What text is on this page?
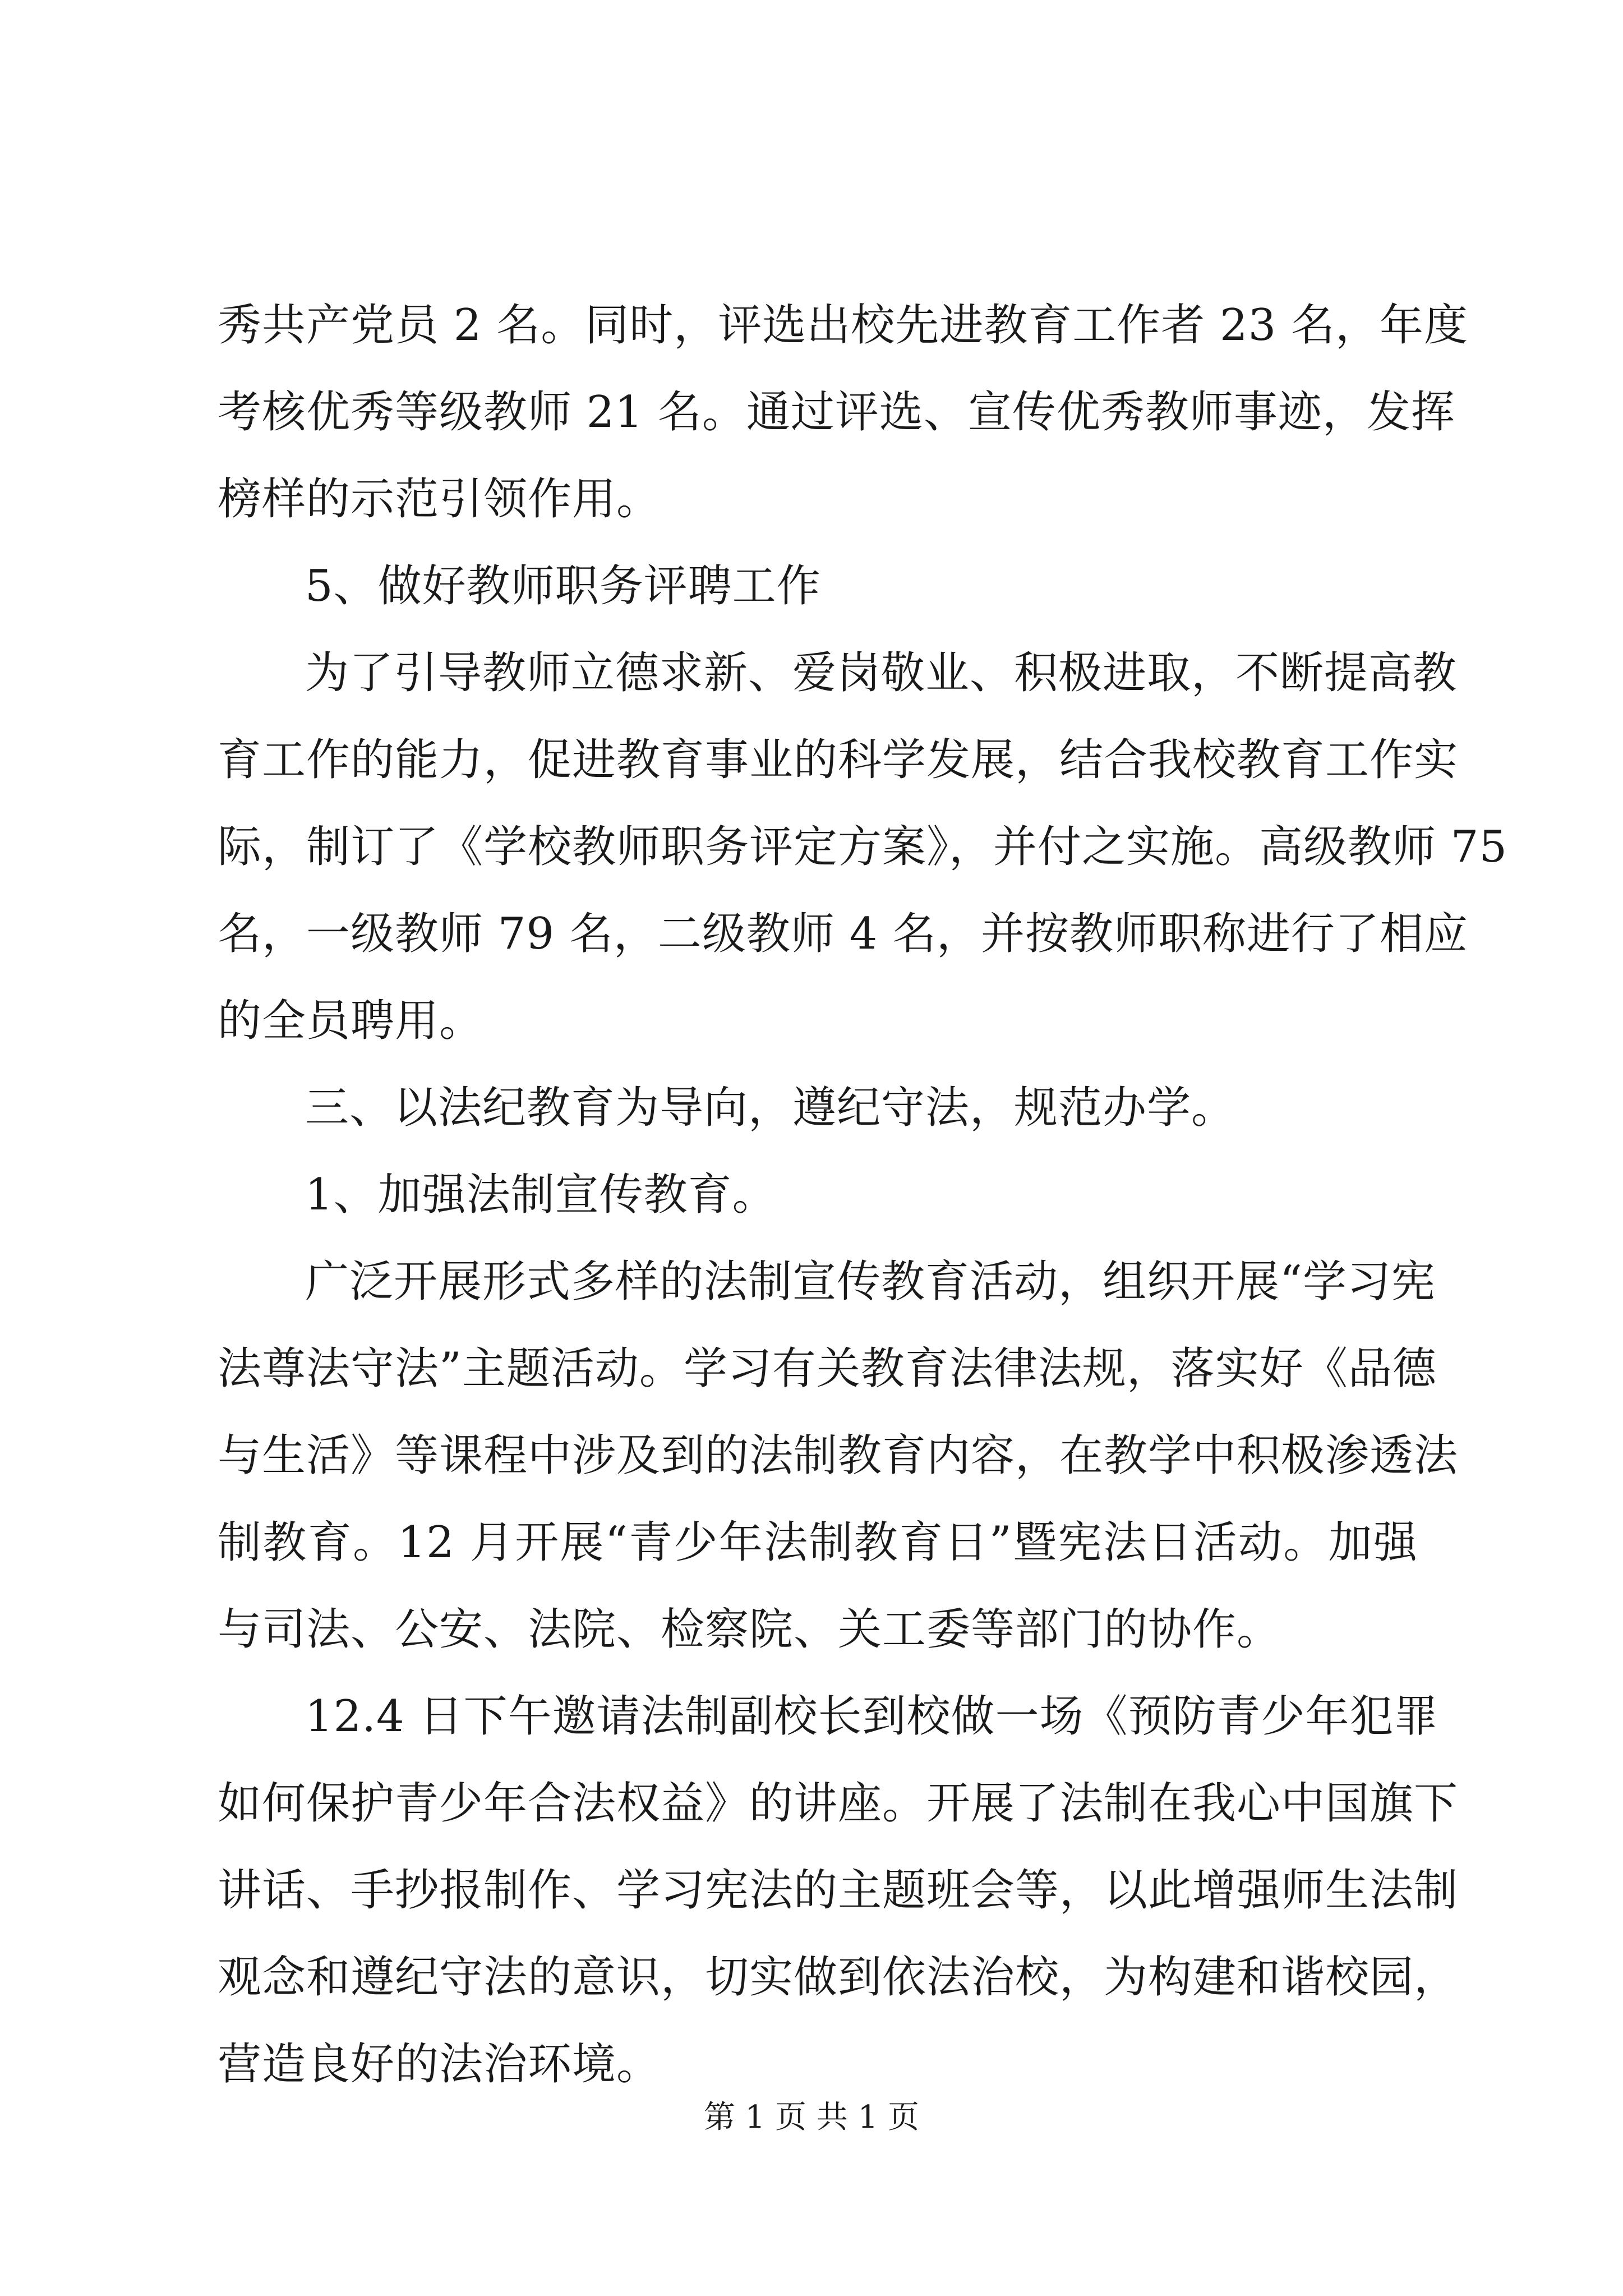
秀共产党员 2 名。同时，评选出校先进教育工作者 23 名，年度
考核优秀等级教师 21 名。通过评选、宣传优秀教师事迹，发挥
榜样的示范引领作用。
5、做好教师职务评聘工作
为了引导教师立德求新、爱岗敬业、积极进取，不断提高教
育工作的能力，促进教育事业的科学发展，结合我校教育工作实
际，制订了《学校教师职务评定方案》，并付之实施。高级教师 75
名，一级教师 79 名，二级教师 4 名，并按教师职称进行了相应
的全员聘用。
三、以法纪教育为导向，遵纪守法，规范办学。
1、加强法制宣传教育。
广泛开展形式多样的法制宣传教育活动，组织开展“学习宪
法尊法守法”主题活动。学习有关教育法律法规，落实好《品德
与生活》等课程中涉及到的法制教育内容，在教学中积极渗透法
制教育。12 月开展“青少年法制教育日”暨宪法日活动。加强
与司法、公安、法院、检察院、关工委等部门的协作。
12.4 日下午邀请法制副校长到校做一场《预防青少年犯罪
如何保护青少年合法权益》的讲座。开展了法制在我心中国旗下
讲话、手抄报制作、学习宪法的主题班会等，以此增强师生法制
观念和遵纪守法的意识，切实做到依法治校，为构建和谐校园，
营造良好的法治环境。
第 1 页 共 1 页
